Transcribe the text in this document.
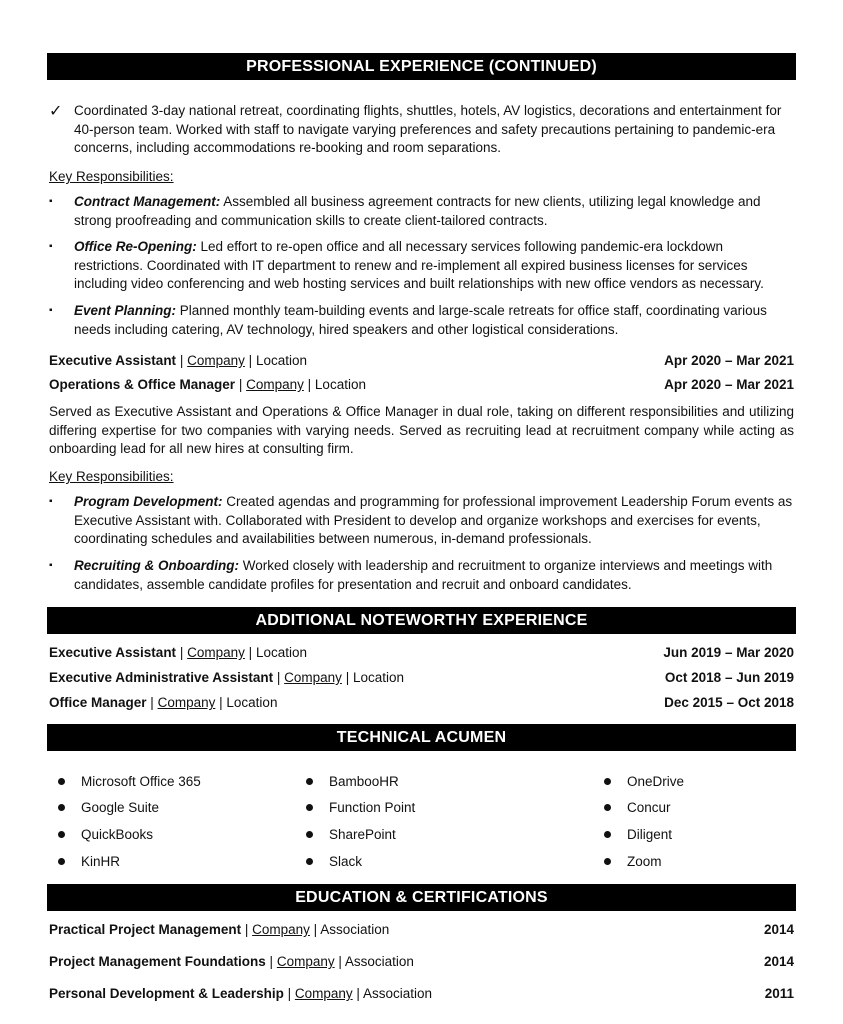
PROFESSIONAL EXPERIENCE (CONTINUED)
✓ Coordinated 3-day national retreat, coordinating flights, shuttles, hotels, AV logistics, decorations and entertainment for 40-person team. Worked with staff to navigate varying preferences and safety precautions pertaining to pandemic-era concerns, including accommodations re-booking and room separations.
Key Responsibilities:
▪ Contract Management: Assembled all business agreement contracts for new clients, utilizing legal knowledge and strong proofreading and communication skills to create client-tailored contracts.
▪ Office Re-Opening: Led effort to re-open office and all necessary services following pandemic-era lockdown restrictions. Coordinated with IT department to renew and re-implement all expired business licenses for services including video conferencing and web hosting services and built relationships with new office vendors as necessary.
▪ Event Planning: Planned monthly team-building events and large-scale retreats for office staff, coordinating various needs including catering, AV technology, hired speakers and other logistical considerations.
Executive Assistant | Company | Location	Apr 2020 – Mar 2021
Operations & Office Manager | Company | Location	Apr 2020 – Mar 2021
Served as Executive Assistant and Operations & Office Manager in dual role, taking on different responsibilities and utilizing differing expertise for two companies with varying needs. Served as recruiting lead at recruitment company while acting as onboarding lead for all new hires at consulting firm.
Key Responsibilities:
▪ Program Development: Created agendas and programming for professional improvement Leadership Forum events as Executive Assistant with. Collaborated with President to develop and organize workshops and exercises for events, coordinating schedules and availabilities between numerous, in-demand professionals.
▪ Recruiting & Onboarding: Worked closely with leadership and recruitment to organize interviews and meetings with candidates, assemble candidate profiles for presentation and recruit and onboard candidates.
ADDITIONAL NOTEWORTHY EXPERIENCE
Executive Assistant | Company | Location	Jun 2019 – Mar 2020
Executive Administrative Assistant | Company | Location	Oct 2018 – Jun 2019
Office Manager | Company | Location	Dec 2015 – Oct 2018
TECHNICAL ACUMEN
Microsoft Office 365
Google Suite
QuickBooks
KinHR
BambooHR
Function Point
SharePoint
Slack
OneDrive
Concur
Diligent
Zoom
EDUCATION & CERTIFICATIONS
Practical Project Management | Company | Association	2014
Project Management Foundations | Company | Association	2014
Personal Development & Leadership | Company | Association	2011
